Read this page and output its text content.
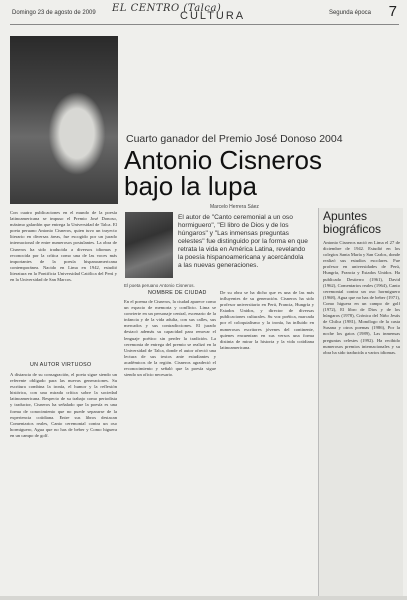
Domingo 23 de agosto de 2009 EL CENTRO (Talca)
CULTURA	Segunda época 7
Cuarto ganador del Premio José Donoso 2004
Antonio Cisneros
bajo la lupa
Marcelo Herrera Sáez
Con cuatro publicaciones en el mundo de la poesía latinoamericana se impuso el Premio José Donoso, máximo galardón que entrega la Universidad de Talca. El poeta peruano Antonio Cisneros, quien tuvo un trayecto literario en diversas áreas, fue escogido por un jurado internacional de entre numerosos postulantes. La obra de Cisneros ha sido traducida a diversos idiomas y reconocida por la crítica como una de las voces más importantes de la poesía hispanoamericana contemporánea. Nacido en Lima en 1942, estudió literatura en la Pontificia Universidad Católica del Perú y en la Universidad de San Marcos.
UN AUTOR VIRTUOSO
A distancia de su consagración, el poeta sigue siendo un referente obligado para las nuevas generaciones. Su escritura combina la ironía, el humor y la reflexión histórica, con una mirada crítica sobre la sociedad latinoamericana. Respecto de su trabajo como periodista y traductor, Cisneros ha señalado que la poesía es una forma de conocimiento que no puede separarse de la experiencia cotidiana. Entre sus libros destacan Comentarios reales, Canto ceremonial contra un oso hormiguero, Agua que no has de beber y Como higuera en un campo de golf.
El autor de "Canto ceremonial a un oso hormiguero", "El libro de Dios y de los húngaros" y "Las inmensas preguntas celestes" fue distinguido por la forma en que retrata la vida en América Latina, revelando la poesía hispanoamericana y acercándola a las nuevas generaciones.
El poeta peruano Antonio Cisneros.
NOMBRE DE CIUDAD
En el poema de Cisneros, la ciudad aparece como un espacio de memoria y conflicto. Lima se convierte en un personaje central, escenario de la infancia y de la vida adulta, con sus calles, sus mercados y sus contradicciones. El jurado destacó además su capacidad para renovar el lenguaje poético sin perder la tradición. La ceremonia de entrega del premio se realizó en la Universidad de Talca, donde el autor ofreció una lectura de sus textos ante estudiantes y académicos de la región. Cisneros agradeció el reconocimiento y señaló que la poesía sigue siendo un oficio necesario.
De su obra se ha dicho que es una de las más influyentes de su generación. Cisneros ha sido profesor universitario en Perú, Francia, Hungría y Estados Unidos, y director de diversas publicaciones culturales. Su voz poética, marcada por el coloquialismo y la ironía, ha influido en numerosos escritores jóvenes del continente, quienes encuentran en sus versos una forma distinta de mirar la historia y la vida cotidiana latinoamericana.
Apuntes biográficos
Antonio Cisneros nació en Lima el 27 de diciembre de 1942. Estudió en los colegios Santa María y San Carlos, donde realizó sus estudios escolares. Fue profesor en universidades de Perú, Hungría, Francia y Estados Unidos. Ha publicado Destierro (1961), David (1962), Comentarios reales (1964), Canto ceremonial contra un oso hormiguero (1968), Agua que no has de beber (1971), Como higuera en un campo de golf (1972), El libro de Dios y de los húngaros (1978), Crónica del Niño Jesús de Chilca (1981), Monólogo de la casta Susana y otros poemas (1986), Por la noche los gatos (1989), Las inmensas preguntas celestes (1992). Ha recibido numerosos premios internacionales y su obra ha sido traducida a varios idiomas.
